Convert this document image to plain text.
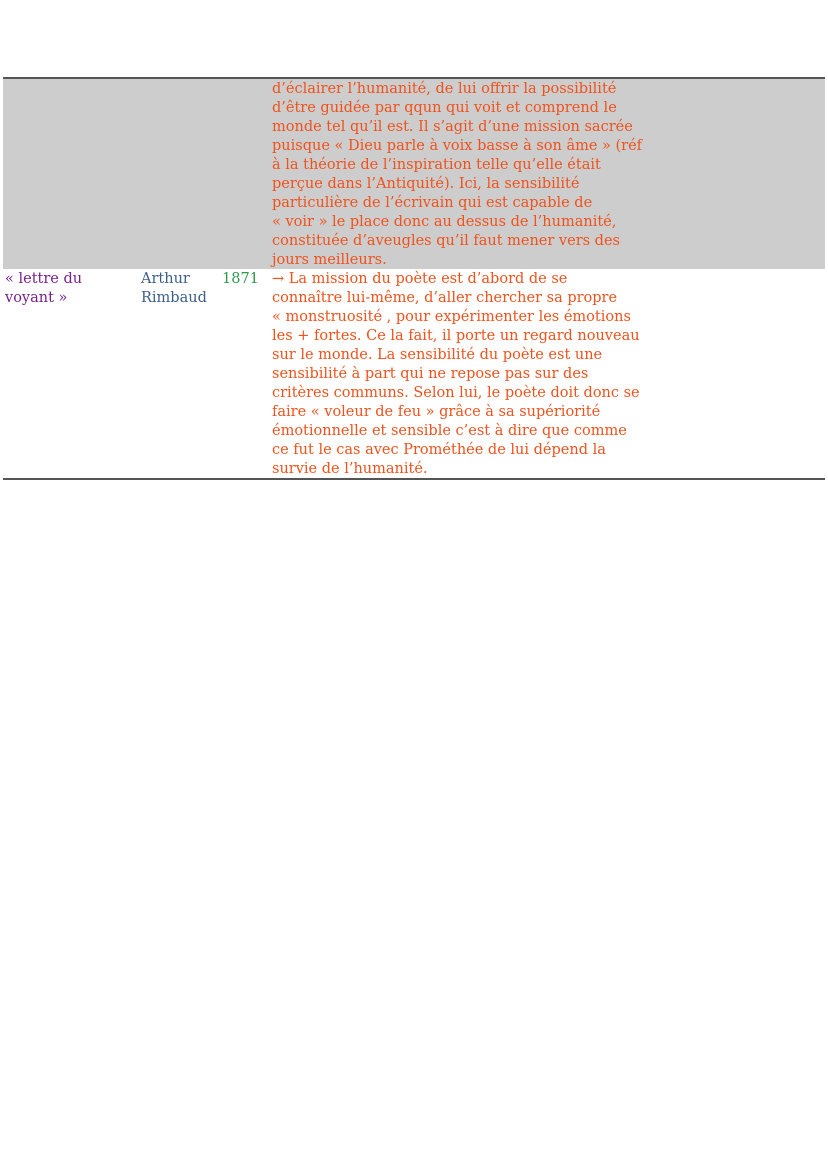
d’éclairer l’humanité, de lui offrir la possibilité
d’être guidée par qqun qui voit et comprend le
monde tel qu’il est. Il s’agit d’une mission sacrée
puisque « Dieu parle à voix basse à son âme » (réf
à la théorie de l’inspiration telle qu’elle était
perçue dans l’Antiquité). Ici, la sensibilité
particulière de l’écrivain qui est capable de
« voir » le place donc au dessus de l’humanité,
constituée d’aveugles qu’il faut mener vers des
jours meilleurs.
« lettre du
voyant »
Arthur
Rimbaud
1871 → La mission du poète est d’abord de se
connaître lui-même, d’aller chercher sa propre
« monstruosité , pour expérimenter les émotions
les + fortes. Ce la fait, il porte un regard nouveau
sur le monde. La sensibilité du poète est une
sensibilité à part qui ne repose pas sur des
critères communs. Selon lui, le poète doit donc se
faire « voleur de feu » grâce à sa supériorité
émotionnelle et sensible c’est à dire que comme
ce fut le cas avec Prométhée de lui dépend la
survie de l’humanité.
